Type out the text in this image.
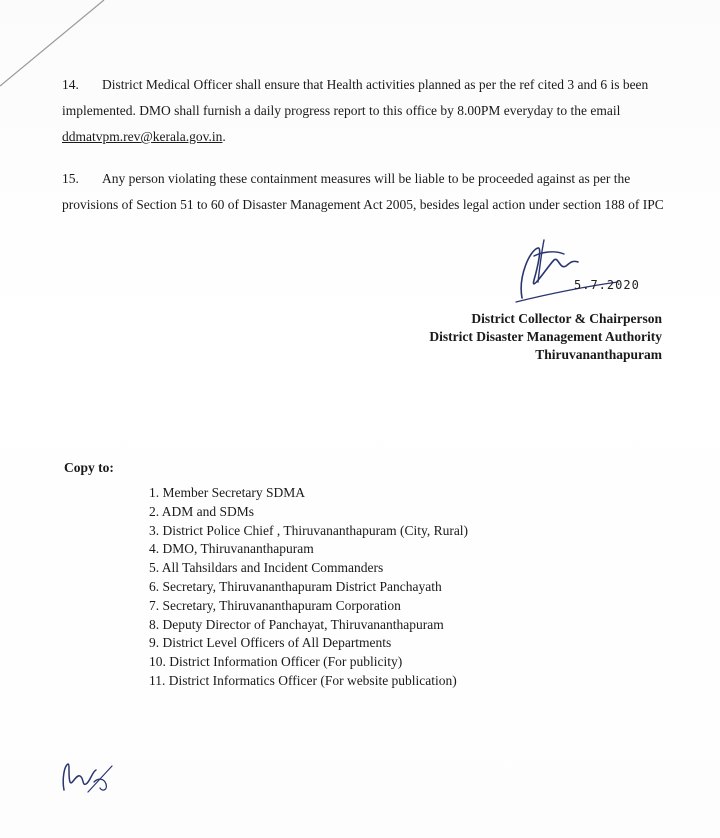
14. District Medical Officer shall ensure that Health activities planned as per the ref cited 3 and 6 is been implemented. DMO shall furnish a daily progress report to this office by 8.00PM everyday to the email ddmatvpm.rev@kerala.gov.in.
15. Any person violating these containment measures will be liable to be proceeded against as per the provisions of Section 51 to 60 of Disaster Management Act 2005, besides legal action under section 188 of IPC
5.7.2020
District Collector & Chairperson
District Disaster Management Authority
Thiruvananthapuram
Copy to:
1. Member Secretary SDMA
2. ADM and SDMs
3. District Police Chief , Thiruvananthapuram (City, Rural)
4. DMO, Thiruvananthapuram
5. All Tahsildars and Incident Commanders
6. Secretary, Thiruvananthapuram District Panchayath
7. Secretary, Thiruvananthapuram Corporation
8. Deputy Director of Panchayat, Thiruvananthapuram
9. District Level Officers of All Departments
10. District Information Officer (For publicity)
11. District Informatics Officer (For website publication)
